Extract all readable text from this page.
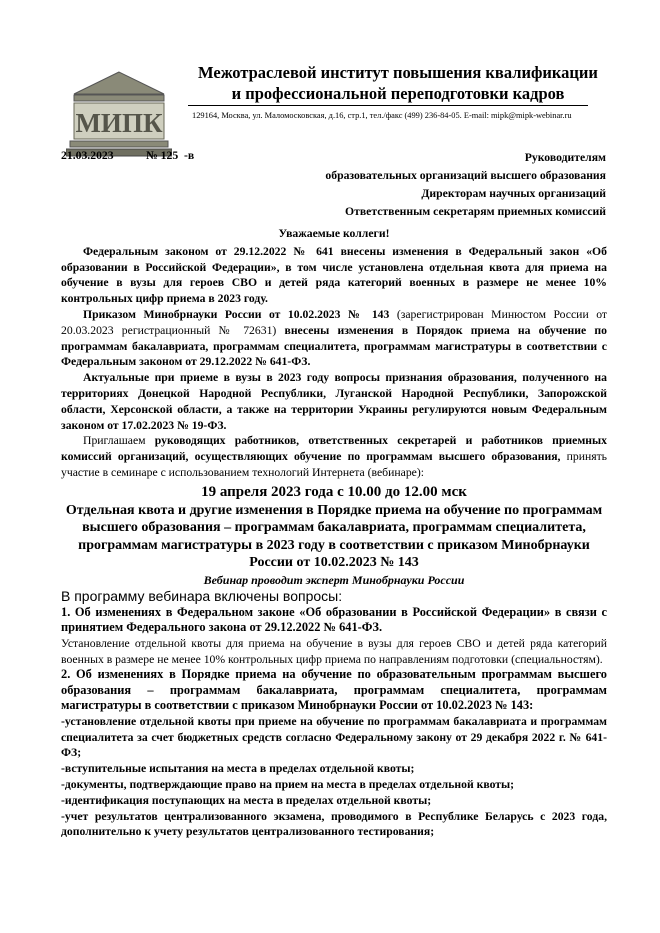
МИПК
Межотраслевой институт повышения квалификации
и профессиональной переподготовки кадров
129164, Москва, ул. Маломосковская, д.16, стр.1, тел./факс (499) 236-84-05. E-mail: mipk@mipk-webinar.ru
21.03.2023	№ 125  -в	Руководителям
образовательных организаций высшего образования
Директорам научных организаций
Ответственным секретарям приемных комиссий

Уважаемые коллеги!

Федеральным законом от 29.12.2022 № 641 внесены изменения в Федеральный закон «Об образовании в Российской Федерации», в том числе установлена отдельная квота для приема на обучение в вузы для героев СВО и детей ряда категорий военных в размере не менее 10% контрольных цифр приема в 2023 году.

Приказом Минобрнауки России от 10.02.2023 № 143 (зарегистрирован Минюстом России от 20.03.2023 регистрационный № 72631) внесены изменения в Порядок приема на обучение по программам бакалавриата, программам специалитета, программам магистратуры в соответствии с Федеральным законом от 29.12.2022 № 641-ФЗ.

Актуальные при приеме в вузы в 2023 году вопросы признания образования, полученного на территориях Донецкой Народной Республики, Луганской Народной Республики, Запорожской области, Херсонской области, а также на территории Украины регулируются новым Федеральным законом от 17.02.2023 № 19-ФЗ.

Приглашаем руководящих работников, ответственных секретарей и работников приемных комиссий организаций, осуществляющих обучение по программам высшего образования, принять участие в семинаре с использованием технологий Интернета (вебинаре):

19 апреля 2023 года с 10.00 до 12.00 мск

Отдельная квота и другие изменения в Порядке приема на обучение по программам высшего образования – программам бакалавриата, программам специалитета, программам магистратуры в 2023 году в соответствии с приказом Минобрнауки России от 10.02.2023 № 143

Вебинар проводит эксперт Минобрнауки России

В программу вебинара включены вопросы:

1. Об изменениях в Федеральном законе «Об образовании в Российской Федерации» в связи с принятием Федерального закона от 29.12.2022 № 641-ФЗ.

Установление отдельной квоты для приема на обучение в вузы для героев СВО и детей ряда категорий военных в размере не менее 10% контрольных цифр приема по направлениям подготовки (специальностям).

2. Об изменениях в Порядке приема на обучение по образовательным программам высшего образования – программам бакалавриата, программам специалитета, программам магистратуры в соответствии с приказом Минобрнауки России от 10.02.2023 № 143:

-установление отдельной квоты при приеме на обучение по программам бакалавриата и программам специалитета за счет бюджетных средств согласно Федеральному закону от 29 декабря 2022 г. № 641-ФЗ;

-вступительные испытания на места в пределах отдельной квоты;

-документы, подтверждающие право на прием на места в пределах отдельной квоты;

-идентификация поступающих на места в пределах отдельной квоты;

-учет результатов централизованного экзамена, проводимого в Республике Беларусь с 2023 года, дополнительно к учету результатов централизованного тестирования;
